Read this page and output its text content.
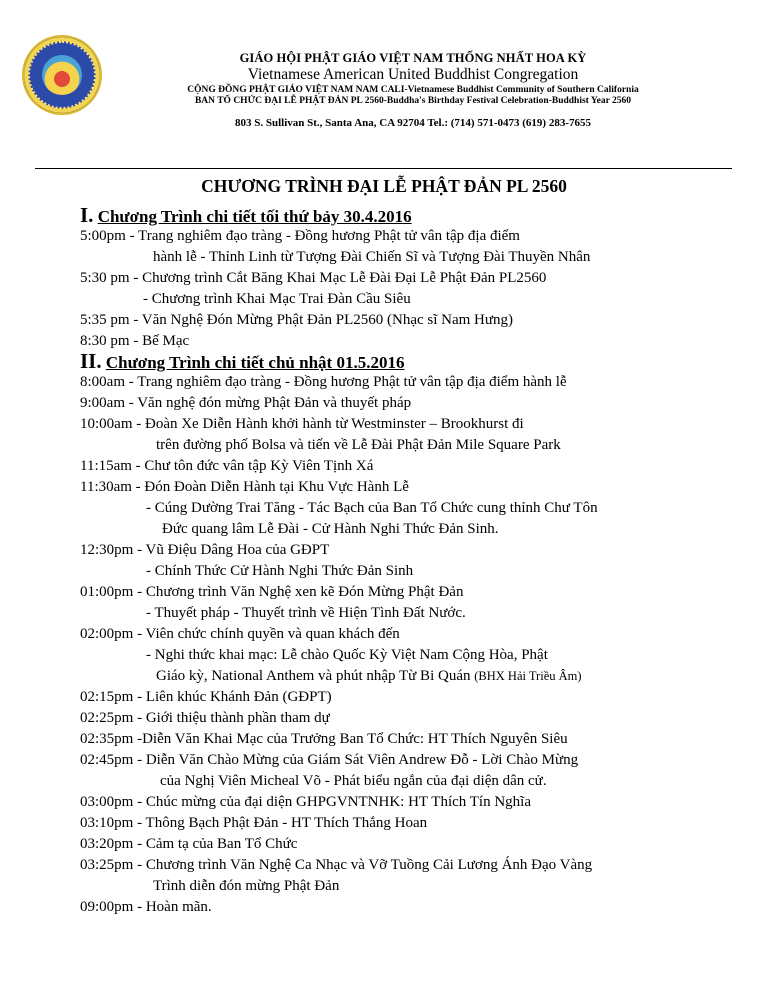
GIÁO HỘI PHẬT GIÁO VIỆT NAM THỐNG NHẤT HOA KỲ
Vietnamese American United Buddhist Congregation
CỘNG ĐỒNG PHẬT GIÁO VIỆT NAM NAM CALI-Vietnamese Buddhist Community of Southern California
BAN TỔ CHỨC ĐẠI LỄ PHẬT ĐẢN PL 2560-Buddha's Birthday Festival Celebration-Buddhist Year 2560
803 S. Sullivan St., Santa Ana, CA 92704 Tel.: (714) 571-0473 (619) 283-7655
CHƯƠNG TRÌNH ĐẠI LỄ PHẬT ĐẢN PL 2560
I. Chương Trình chi tiết tối thứ bảy 30.4.2016
5:00pm - Trang nghiêm đạo tràng - Đồng hương Phật tử vân tập địa điểm
hành lễ - Thỉnh Linh từ Tượng Đài Chiến Sĩ và Tượng Đài Thuyền Nhân
5:30 pm - Chương trình Cắt Băng Khai Mạc Lễ Đài Đại Lễ Phật Đản PL2560
- Chương trình Khai Mạc Trai Đàn Cầu Siêu
5:35 pm - Văn Nghệ Đón Mừng Phật Đản PL2560 (Nhạc sĩ Nam Hưng)
8:30 pm - Bế Mạc
II. Chương Trình chi tiết chủ nhật 01.5.2016
8:00am - Trang nghiêm đạo tràng - Đồng hương Phật tử vân tập địa điểm hành lễ
9:00am - Văn nghệ đón mừng Phật Đản và thuyết pháp
10:00am - Đoàn Xe Diễn Hành khởi hành từ Westminster – Brookhurst đi
trên đường phố Bolsa và tiến về Lễ Đài Phật Đản Mile Square Park
11:15am - Chư tôn đức vân tập Kỳ Viên Tịnh Xá
11:30am - Đón Đoàn Diễn Hành tại Khu Vực Hành Lễ
- Cúng Dường Trai Tăng - Tác Bạch của Ban Tổ Chức cung thỉnh Chư Tôn
Đức quang lâm Lễ Đài - Cử Hành Nghi Thức Đản Sinh.
12:30pm - Vũ Điệu Dâng Hoa của GĐPT
- Chính Thức Cử Hành Nghi Thức Đản Sinh
01:00pm - Chương trình Văn Nghệ xen kẽ Đón Mừng Phật Đản
- Thuyết pháp - Thuyết trình về Hiện Tình Đất Nước.
02:00pm - Viên chức chính quyền và quan khách đến
- Nghi thức khai mạc: Lễ chào Quốc Kỳ Việt Nam Cộng Hòa, Phật
Giáo kỳ, National Anthem và phút nhập Từ Bi Quán (BHX Hải Triều Âm)
02:15pm - Liên khúc Khánh Đản (GĐPT)
02:25pm - Giới thiệu thành phần tham dự
02:35pm -Diễn Văn Khai Mạc của Trưởng Ban Tổ Chức: HT Thích Nguyên Siêu
02:45pm - Diễn Văn Chào Mừng của Giám Sát Viên Andrew Đỗ - Lời Chào Mừng
của Nghị Viên Micheal Võ - Phát biểu ngắn của đại diện dân cử.
03:00pm - Chúc mừng của đại diện GHPGVNTNHK: HT Thích Tín Nghĩa
03:10pm - Thông Bạch Phật Đản - HT Thích Thắng Hoan
03:20pm - Cảm tạ của Ban Tổ Chức
03:25pm - Chương trình Văn Nghệ Ca Nhạc và Vỡ Tuồng Cải Lương Ánh Đạo Vàng
Trình diễn đón mừng Phật Đản
09:00pm - Hoàn mãn.
